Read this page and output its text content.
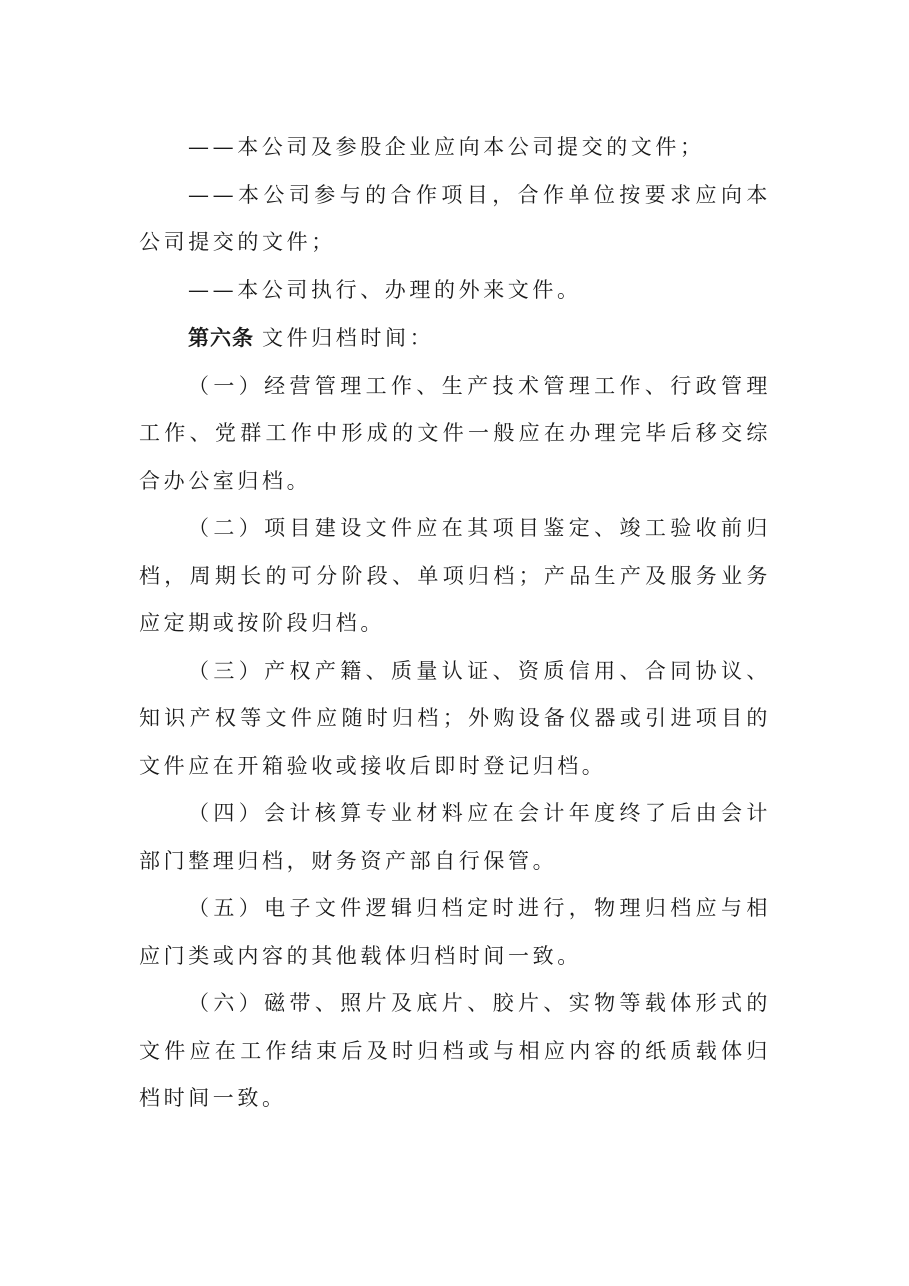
——本公司及参股企业应向本公司提交的文件；

——本公司参与的合作项目，合作单位按要求应向本公司提交的文件；

——本公司执行、办理的外来文件。

第六条 文件归档时间：

（一）经营管理工作、生产技术管理工作、行政管理工作、党群工作中形成的文件一般应在办理完毕后移交综合办公室归档。

（二）项目建设文件应在其项目鉴定、竣工验收前归档，周期长的可分阶段、单项归档；产品生产及服务业务应定期或按阶段归档。

（三）产权产籍、质量认证、资质信用、合同协议、知识产权等文件应随时归档；外购设备仪器或引进项目的文件应在开箱验收或接收后即时登记归档。

（四）会计核算专业材料应在会计年度终了后由会计部门整理归档，财务资产部自行保管。

（五）电子文件逻辑归档定时进行，物理归档应与相应门类或内容的其他载体归档时间一致。

（六）磁带、照片及底片、胶片、实物等载体形式的文件应在工作结束后及时归档或与相应内容的纸质载体归档时间一致。
